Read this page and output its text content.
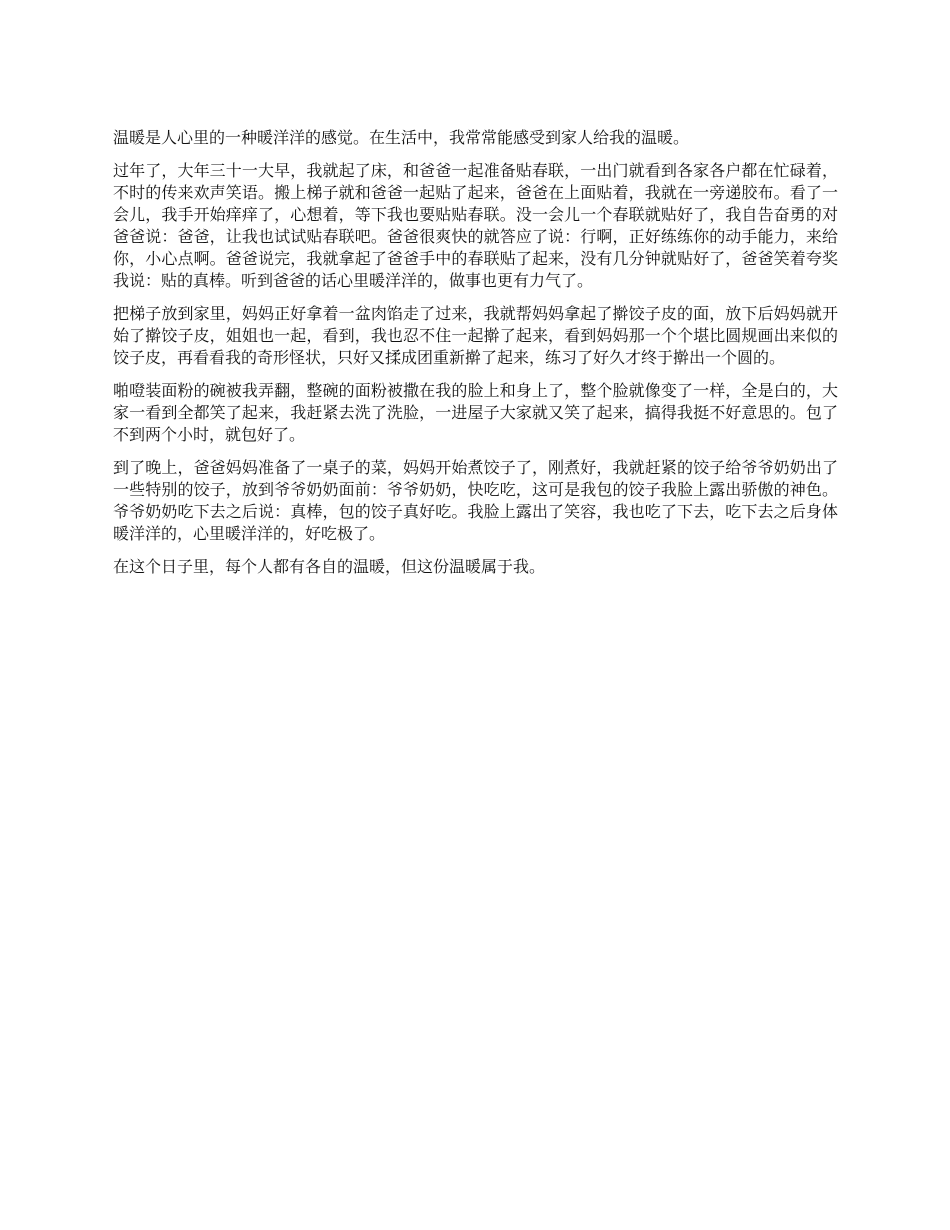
温暖是人心里的一种暖洋洋的感觉。在生活中，我常常能感受到家人给我的温暖。

过年了，大年三十一大早，我就起了床，和爸爸一起准备贴春联，一出门就看到各家各户都在忙碌着，不时的传来欢声笑语。搬上梯子就和爸爸一起贴了起来，爸爸在上面贴着，我就在一旁递胶布。看了一会儿，我手开始痒痒了，心想着，等下我也要贴贴春联。没一会儿一个春联就贴好了，我自告奋勇的对爸爸说：爸爸，让我也试试贴春联吧。爸爸很爽快的就答应了说：行啊，正好练练你的动手能力，来给你，小心点啊。爸爸说完，我就拿起了爸爸手中的春联贴了起来，没有几分钟就贴好了，爸爸笑着夸奖我说：贴的真棒。听到爸爸的话心里暖洋洋的，做事也更有力气了。

把梯子放到家里，妈妈正好拿着一盆肉馅走了过来，我就帮妈妈拿起了擀饺子皮的面，放下后妈妈就开始了擀饺子皮，姐姐也一起，看到，我也忍不住一起擀了起来，看到妈妈那一个个堪比圆规画出来似的饺子皮，再看看我的奇形怪状，只好又揉成团重新擀了起来，练习了好久才终于擀出一个圆的。

啪噔装面粉的碗被我弄翻，整碗的面粉被撒在我的脸上和身上了，整个脸就像变了一样，全是白的，大家一看到全都笑了起来，我赶紧去洗了洗脸，一进屋子大家就又笑了起来，搞得我挺不好意思的。包了不到两个小时，就包好了。

到了晚上，爸爸妈妈准备了一桌子的菜，妈妈开始煮饺子了，刚煮好，我就赶紧的饺子给爷爷奶奶出了一些特别的饺子，放到爷爷奶奶面前：爷爷奶奶，快吃吃，这可是我包的饺子我脸上露出骄傲的神色。爷爷奶奶吃下去之后说：真棒，包的饺子真好吃。我脸上露出了笑容，我也吃了下去，吃下去之后身体暖洋洋的，心里暖洋洋的，好吃极了。

在这个日子里，每个人都有各自的温暖，但这份温暖属于我。
